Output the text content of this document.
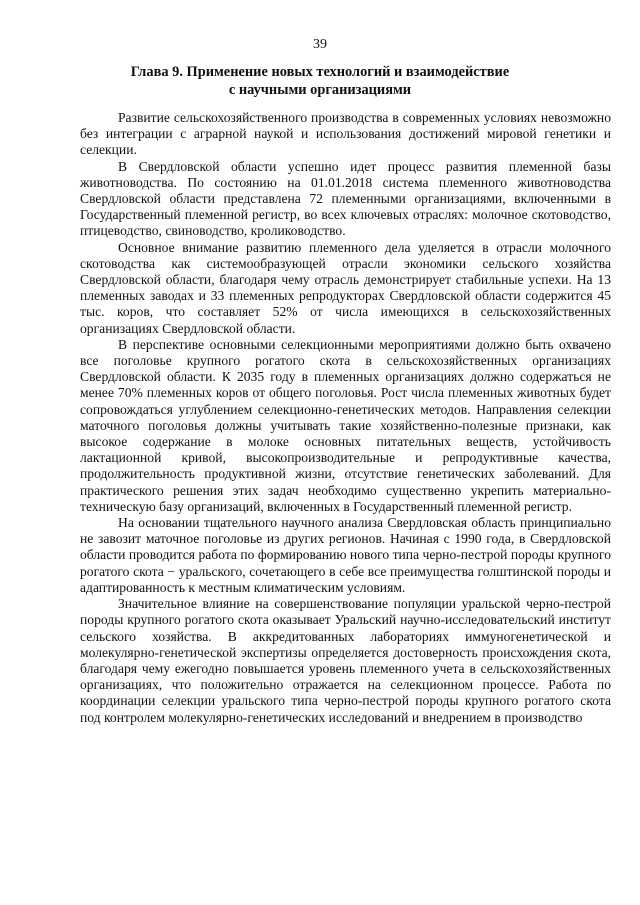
39
Глава 9. Применение новых технологий и взаимодействие
с научными организациями

Развитие сельскохозяйственного производства в современных условиях невозможно без интеграции с аграрной наукой и использования достижений мировой генетики и селекции.

В Свердловской области успешно идет процесс развития племенной базы животноводства. По состоянию на 01.01.2018 система племенного животноводства Свердловской области представлена 72 племенными организациями, включенными в Государственный племенной регистр, во всех ключевых отраслях: молочное скотоводство, птицеводство, свиноводство, кролиководство.

Основное внимание развитию племенного дела уделяется в отрасли молочного скотоводства как системообразующей отрасли экономики сельского хозяйства Свердловской области, благодаря чему отрасль демонстрирует стабильные успехи. На 13 племенных заводах и 33 племенных репродукторах Свердловской области содержится 45 тыс. коров, что составляет 52% от числа имеющихся в сельскохозяйственных организациях Свердловской области.

В перспективе основными селекционными мероприятиями должно быть охвачено все поголовье крупного рогатого скота в сельскохозяйственных организациях Свердловской области. К 2035 году в племенных организациях должно содержаться не менее 70% племенных коров от общего поголовья. Рост числа племенных животных будет сопровождаться углублением селекционно-генетических методов. Направления селекции маточного поголовья должны учитывать такие хозяйственно-полезные признаки, как высокое содержание в молоке основных питательных веществ, устойчивость лактационной кривой, высокопроизводительные и репродуктивные качества, продолжительность продуктивной жизни, отсутствие генетических заболеваний. Для практического решения этих задач необходимо существенно укрепить материально-техническую базу организаций, включенных в Государственный племенной регистр.

На основании тщательного научного анализа Свердловская область принципиально не завозит маточное поголовье из других регионов. Начиная с 1990 года, в Свердловской области проводится работа по формированию нового типа черно-пестрой породы крупного рогатого скота − уральского, сочетающего в себе все преимущества голштинской породы и адаптированность к местным климатическим условиям.

Значительное влияние на совершенствование популяции уральской черно-пестрой породы крупного рогатого скота оказывает Уральский научно-исследовательский институт сельского хозяйства. В аккредитованных лабораториях иммуногенетической и молекулярно-генетической экспертизы определяется достоверность происхождения скота, благодаря чему ежегодно повышается уровень племенного учета в сельскохозяйственных организациях, что положительно отражается на селекционном процессе. Работа по координации селекции уральского типа черно-пестрой породы крупного рогатого скота под контролем молекулярно-генетических исследований и внедрением в производство
